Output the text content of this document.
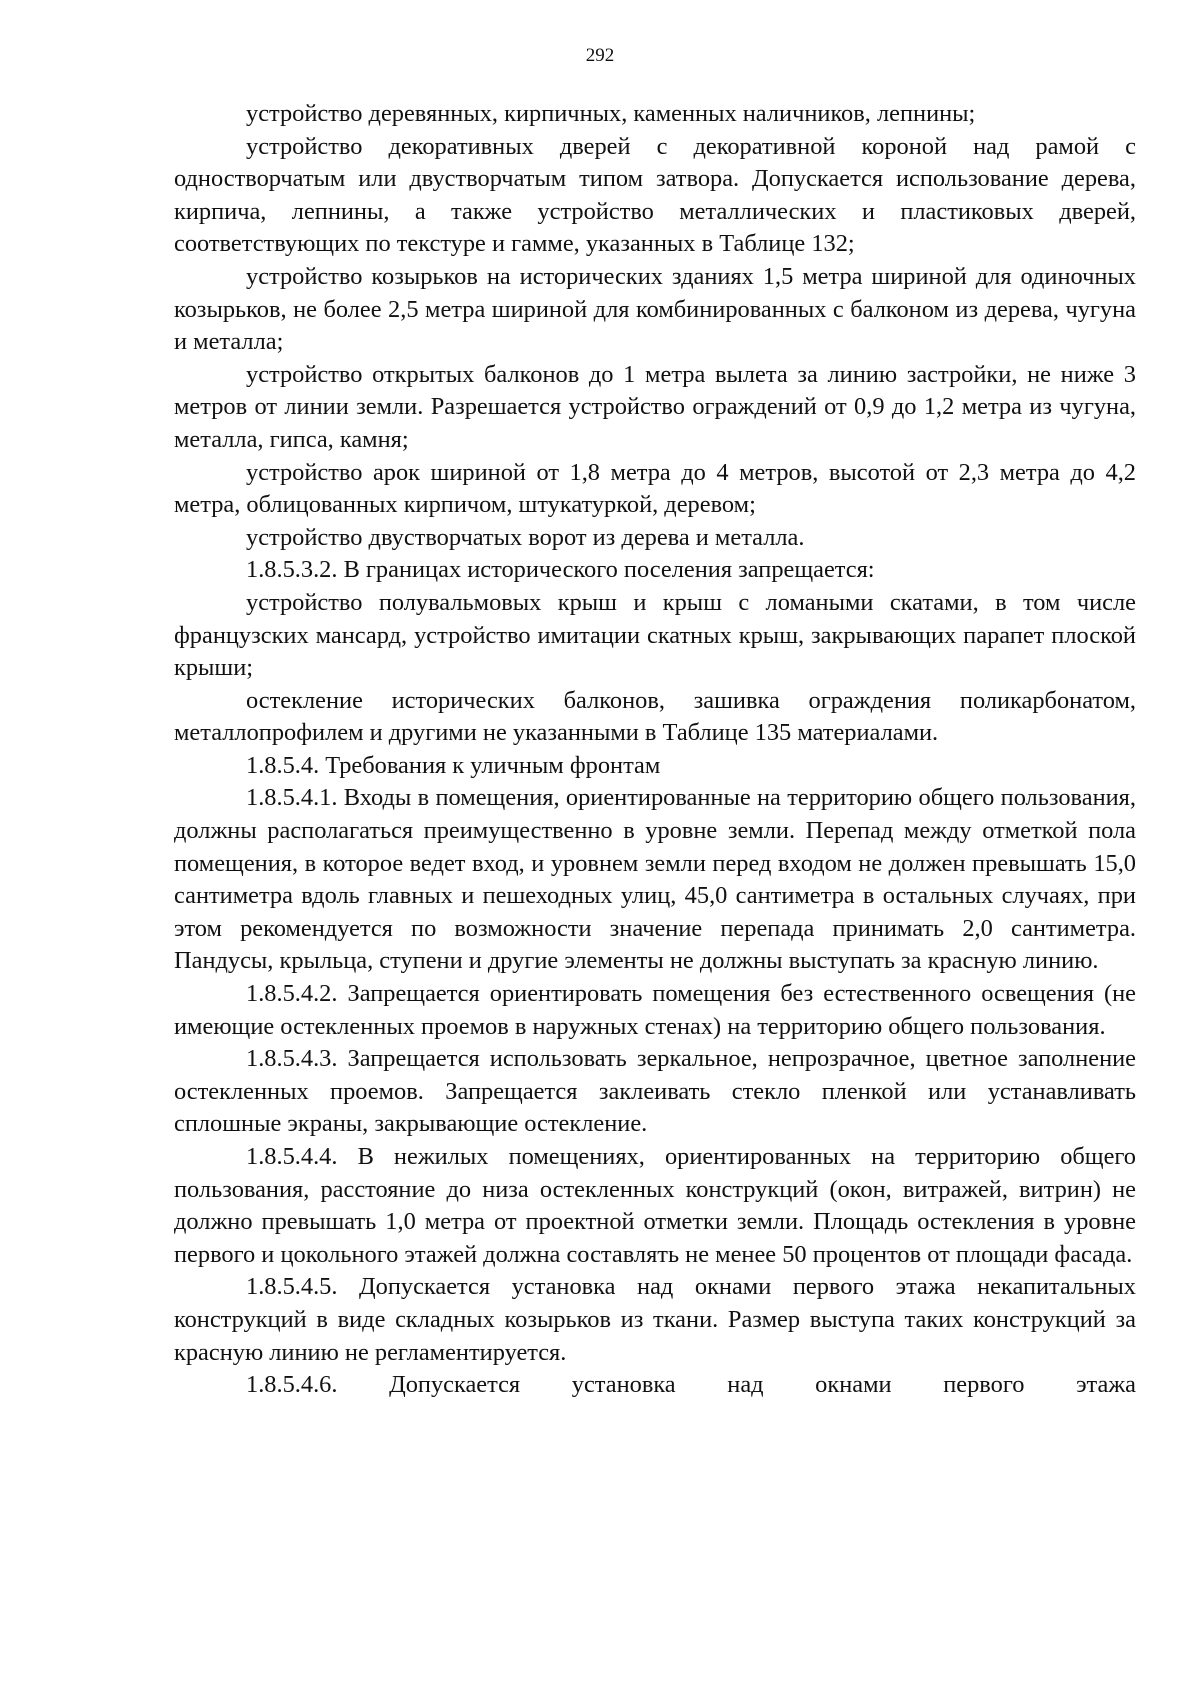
292

устройство деревянных, кирпичных, каменных наличников, лепнины;

устройство декоративных дверей с декоративной короной над рамой с одностворчатым или двустворчатым типом затвора. Допускается использование дерева, кирпича, лепнины, а также устройство металлических и пластиковых дверей, соответствующих по текстуре и гамме, указанных в Таблице 132;

устройство козырьков на исторических зданиях 1,5 метра шириной для одиночных козырьков, не более 2,5 метра шириной для комбинированных с балконом из дерева, чугуна и металла;

устройство открытых балконов до 1 метра вылета за линию застройки, не ниже 3 метров от линии земли. Разрешается устройство ограждений от 0,9 до 1,2 метра из чугуна, металла, гипса, камня;

устройство арок шириной от 1,8 метра до 4 метров, высотой от 2,3 метра до 4,2 метра, облицованных кирпичом, штукатуркой, деревом;

устройство двустворчатых ворот из дерева и металла.

1.8.5.3.2. В границах исторического поселения запрещается:

устройство полувальмовых крыш и крыш с ломаными скатами, в том числе французских мансард, устройство имитации скатных крыш, закрывающих парапет плоской крыши;

остекление исторических балконов, зашивка ограждения поликарбонатом, металлопрофилем и другими не указанными в Таблице 135 материалами.

1.8.5.4. Требования к уличным фронтам

1.8.5.4.1. Входы в помещения, ориентированные на территорию общего пользования, должны располагаться преимущественно в уровне земли. Перепад между отметкой пола помещения, в которое ведет вход, и уровнем земли перед входом не должен превышать 15,0 сантиметра вдоль главных и пешеходных улиц, 45,0 сантиметра в остальных случаях, при этом рекомендуется по возможности значение перепада принимать 2,0 сантиметра. Пандусы, крыльца, ступени и другие элементы не должны выступать за красную линию.

1.8.5.4.2. Запрещается ориентировать помещения без естественного освещения (не имеющие остекленных проемов в наружных стенах) на территорию общего пользования.

1.8.5.4.3. Запрещается использовать зеркальное, непрозрачное, цветное заполнение остекленных проемов. Запрещается заклеивать стекло пленкой или устанавливать сплошные экраны, закрывающие остекление.

1.8.5.4.4. В нежилых помещениях, ориентированных на территорию общего пользования, расстояние до низа остекленных конструкций (окон, витражей, витрин) не должно превышать 1,0 метра от проектной отметки земли. Площадь остекления в уровне первого и цокольного этажей должна составлять не менее 50 процентов от площади фасада.

1.8.5.4.5. Допускается установка над окнами первого этажа некапитальных конструкций в виде складных козырьков из ткани. Размер выступа таких конструкций за красную линию не регламентируется.

1.8.5.4.6. Допускается установка над окнами первого этажа
